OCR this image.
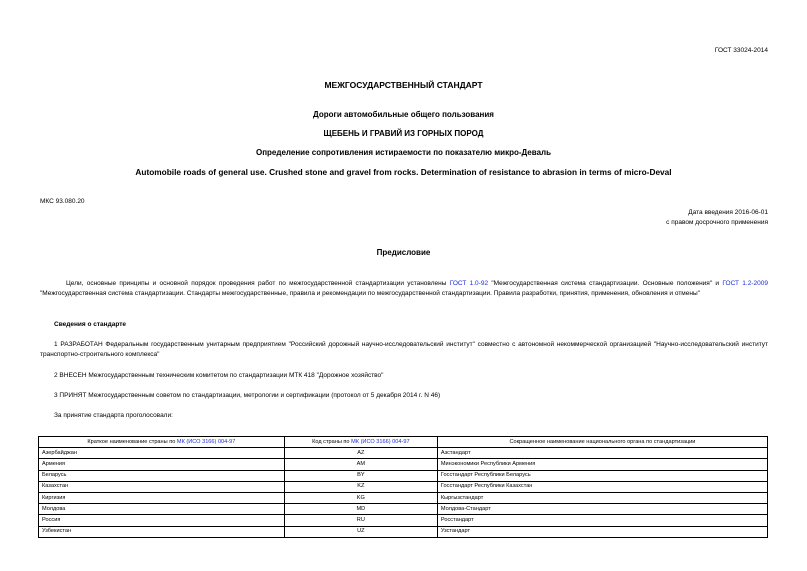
ГОСТ 33024-2014
МЕЖГОСУДАРСТВЕННЫЙ СТАНДАРТ
Дороги автомобильные общего пользования
ЩЕБЕНЬ И ГРАВИЙ ИЗ ГОРНЫХ ПОРОД
Определение сопротивления истираемости по показателю микро-Деваль
Automobile roads of general use. Crushed stone and gravel from rocks. Determination of resistance to abrasion in terms of micro-Deval
МКС 93.080.20
Дата введения 2016-06-01
с правом досрочного применения
Предисловие
Цели, основные принципы и основной порядок проведения работ по межгосударственной стандартизации установлены ГОСТ 1.0-92 "Межгосударственная система стандартизации. Основные положения" и ГОСТ 1.2-2009 "Межгосударственная система стандартизации. Стандарты межгосударственные, правила и рекомендации по межгосударственной стандартизации. Правила разработки, принятия, применения, обновления и отмены"
Сведения о стандарте
1 РАЗРАБОТАН Федеральным государственным унитарным предприятием "Российский дорожный научно-исследовательский институт" совместно с автономной некоммерческой организацией "Научно-исследовательский институт транспортно-строительного комплекса"
2 ВНЕСЕН Межгосударственным техническим комитетом по стандартизации МТК 418 "Дорожное хозяйство"
3 ПРИНЯТ Межгосударственным советом по стандартизации, метрологии и сертификации (протокол от 5 декабря 2014 г. N 46)
За принятие стандарта проголосовали:
Краткое наименование страны по МК (ИСО 3166) 004-97	Код страны по МК (ИСО 3166) 004-97	Сокращенное наименование национального органа по стандартизации
Азербайджан	AZ	Азстандарт
Армения	AM	Минэкономики Республики Армения
Беларусь	BY	Госстандарт Республики Беларусь
Казахстан	KZ	Госстандарт Республики Казахстан
Киргизия	KG	Кыргызстандарт
Молдова	MD	Молдова-Стандарт
Россия	RU	Росстандарт
Узбекистан	UZ	Узстандарт
